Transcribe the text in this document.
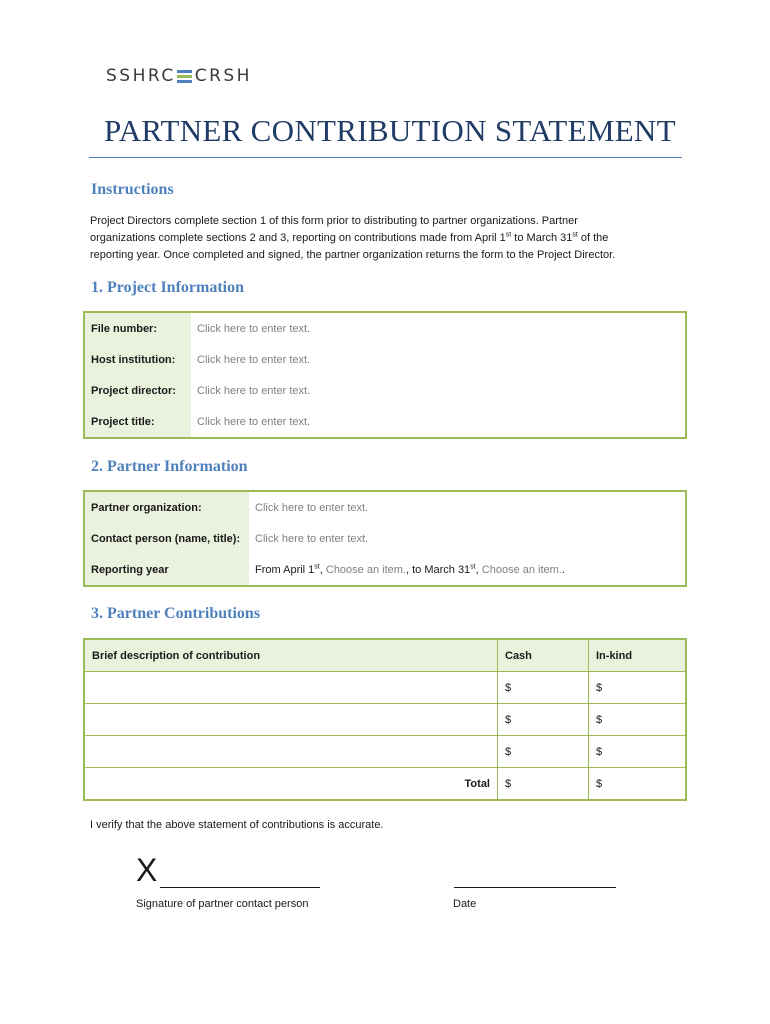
SSHRC CRSH
PARTNER CONTRIBUTION STATEMENT
Instructions

Project Directors complete section 1 of this form prior to distributing to partner organizations. Partner
organizations complete sections 2 and 3, reporting on contributions made from April 1st to March 31st of the
reporting year. Once completed and signed, the partner organization returns the form to the Project Director.

1. Project Information
File number:	Click here to enter text.
Host institution:	Click here to enter text.
Project director:	Click here to enter text.
Project title:	Click here to enter text.
2. Partner Information
Partner organization:	Click here to enter text.
Contact person (name, title):	Click here to enter text.
Reporting year	From April 1st, Choose an item., to March 31st, Choose an item..
3. Partner Contributions
Brief description of contribution	Cash	In-kind
	$	$
	$	$
	$	$
Total	$	$

I verify that the above statement of contributions is accurate.

X
Signature of partner contact person	Date
